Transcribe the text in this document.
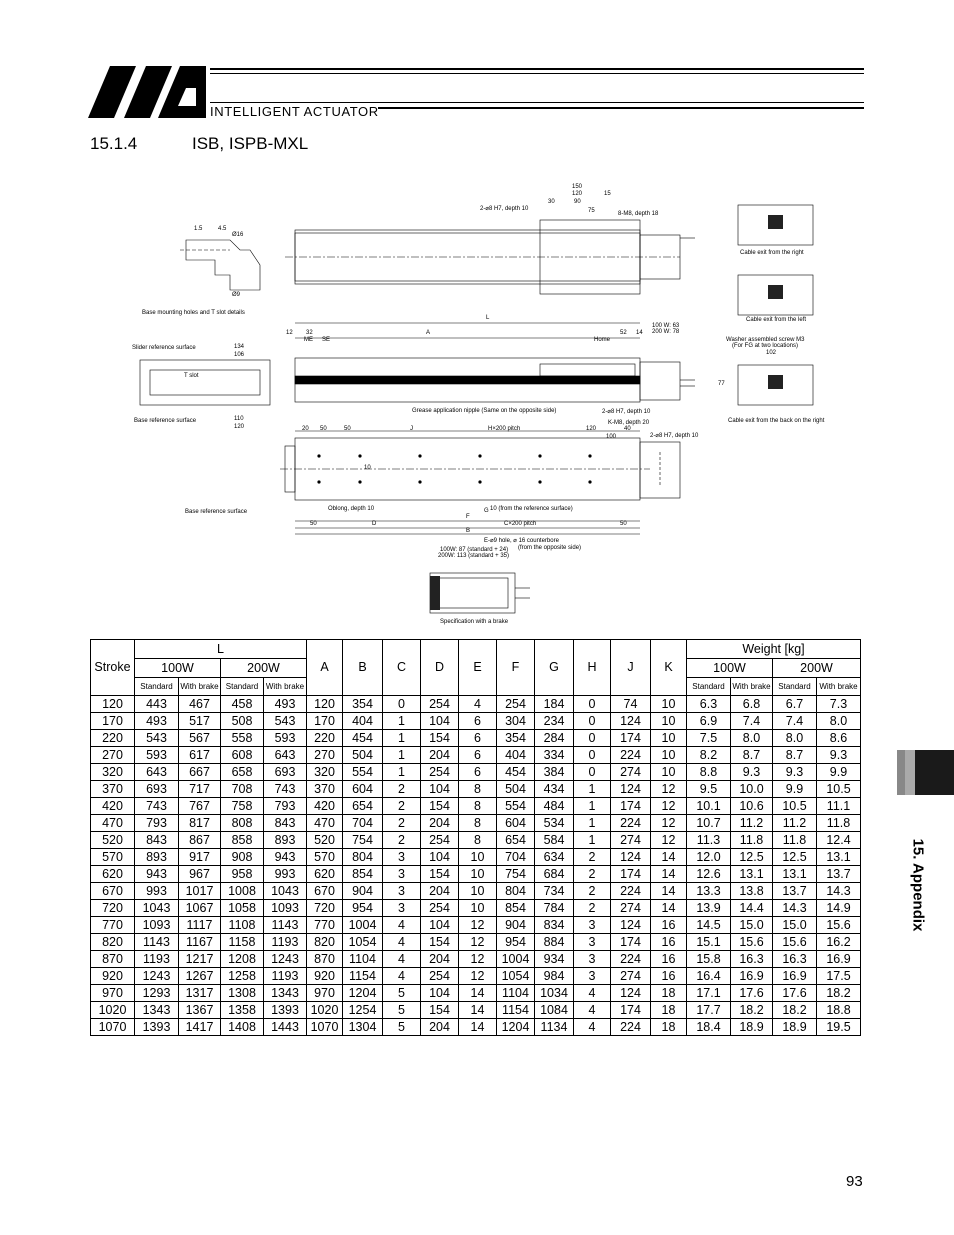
INTELLIGENT ACTUATOR
15.1.4	ISB, ISPB-MXL
Base mounting holes and T slot details
Slider reference surface
Base reference surface
Base reference surface
Cable exit from the right
Cable exit from the left
Washer assembled screw M3
(For FG at two locations)
Cable exit from the back on the right
Grease application nipple (Same on the opposite side)
2-⌀8 H7, depth 10
8-M8, depth 18
2-⌀8 H7, depth 10
K-M8, depth 20
2-⌀8 H7, depth 10
H×200 pitch
C×200 pitch
10 (from the reference surface)
Oblong, depth 10
E-⌀9 hole, ⌀ 16 counterbore
(from the opposite side)
100W: 87 (standard + 24)
200W: 113 (standard + 35)
Specification with a brake
Home
ME SE
100 W: 63
200 W: 78
T slot
L
A
J
F
G
D
B
150
120
90
75
15
30
134
106
110
120
12 32	52 14
20 50	50	120	40
100
50	50
10
102
77
Ø16
Ø9
1.5	4.5
Stroke	L				A	B	C	D	E	F	G	H	J	K	Weight [kg]			
	100W		200W												100W		200W	
	Standard	With brake	Standard	With brake											Standard	With brake	Standard	With brake
120	443	467	458	493	120	354	0	254	4	254	184	0	74	10	6.3	6.8	6.7	7.3
170	493	517	508	543	170	404	1	104	6	304	234	0	124	10	6.9	7.4	7.4	8.0
220	543	567	558	593	220	454	1	154	6	354	284	0	174	10	7.5	8.0	8.0	8.6
270	593	617	608	643	270	504	1	204	6	404	334	0	224	10	8.2	8.7	8.7	9.3
320	643	667	658	693	320	554	1	254	6	454	384	0	274	10	8.8	9.3	9.3	9.9
370	693	717	708	743	370	604	2	104	8	504	434	1	124	12	9.5	10.0	9.9	10.5
420	743	767	758	793	420	654	2	154	8	554	484	1	174	12	10.1	10.6	10.5	11.1
470	793	817	808	843	470	704	2	204	8	604	534	1	224	12	10.7	11.2	11.2	11.8
520	843	867	858	893	520	754	2	254	8	654	584	1	274	12	11.3	11.8	11.8	12.4
570	893	917	908	943	570	804	3	104	10	704	634	2	124	14	12.0	12.5	12.5	13.1
620	943	967	958	993	620	854	3	154	10	754	684	2	174	14	12.6	13.1	13.1	13.7
670	993	1017	1008	1043	670	904	3	204	10	804	734	2	224	14	13.3	13.8	13.7	14.3
720	1043	1067	1058	1093	720	954	3	254	10	854	784	2	274	14	13.9	14.4	14.3	14.9
770	1093	1117	1108	1143	770	1004	4	104	12	904	834	3	124	16	14.5	15.0	15.0	15.6
820	1143	1167	1158	1193	820	1054	4	154	12	954	884	3	174	16	15.1	15.6	15.6	16.2
870	1193	1217	1208	1243	870	1104	4	204	12	1004	934	3	224	16	15.8	16.3	16.3	16.9
920	1243	1267	1258	1193	920	1154	4	254	12	1054	984	3	274	16	16.4	16.9	16.9	17.5
970	1293	1317	1308	1343	970	1204	5	104	14	1104	1034	4	124	18	17.1	17.6	17.6	18.2
1020	1343	1367	1358	1393	1020	1254	5	154	14	1154	1084	4	174	18	17.7	18.2	18.2	18.8
1070	1393	1417	1408	1443	1070	1304	5	204	14	1204	1134	4	224	18	18.4	18.9	18.9	19.5
15. Appendix
93
